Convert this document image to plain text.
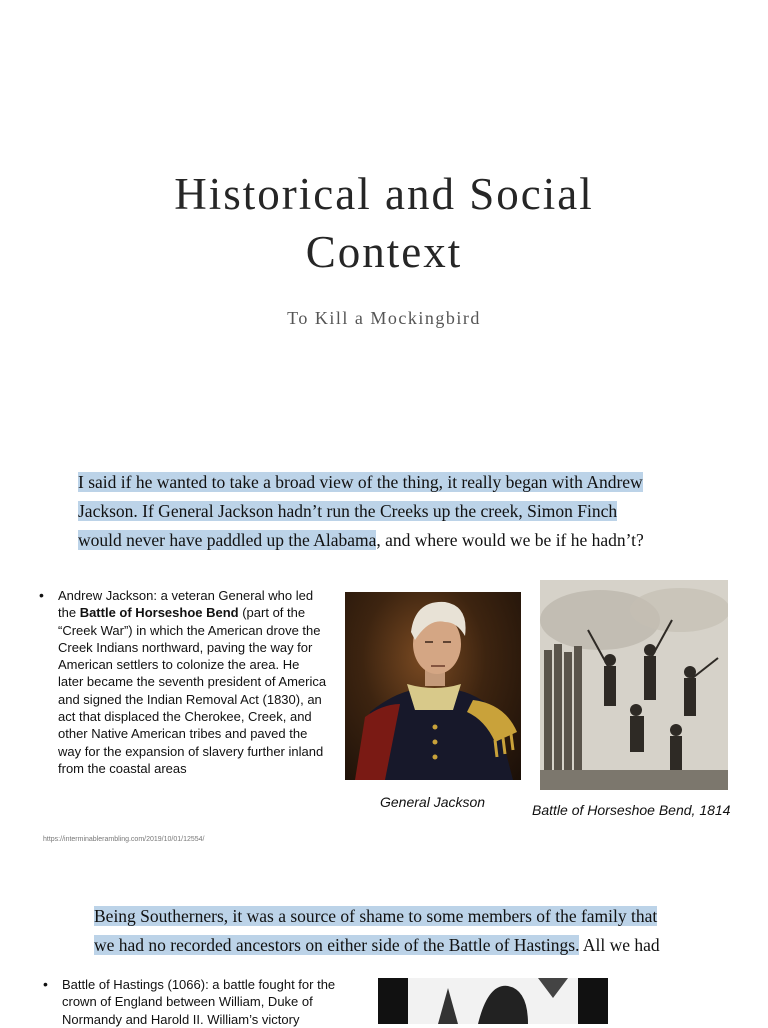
Historical and Social
Context
To Kill a Mockingbird
I said if he wanted to take a broad view of the thing, it really began with Andrew
Jackson. If General Jackson hadn’t run the Creeks up the creek, Simon Finch
would never have paddled up the Alabama, and where would we be if he hadn’t?
• Andrew Jackson: a veteran General who led the Battle of Horseshoe Bend (part of the “Creek War”) in which the American drove the Creek Indians northward, paving the way for American settlers to colonize the area. He later became the seventh president of America and signed the Indian Removal Act (1830), an act that displaced the Cherokee, Creek, and other Native American tribes and paved the way for the expansion of slavery further inland from the coastal areas
General Jackson	Battle of Horseshoe Bend, 1814
https://interminablerambling.com/2019/10/01/12554/
Being Southerners, it was a source of shame to some members of the family that
we had no recorded ancestors on either side of the Battle of Hastings. All we had
• Battle of Hastings (1066): a battle fought for the crown of England between William, Duke of Normandy and Harold II. William’s victory
